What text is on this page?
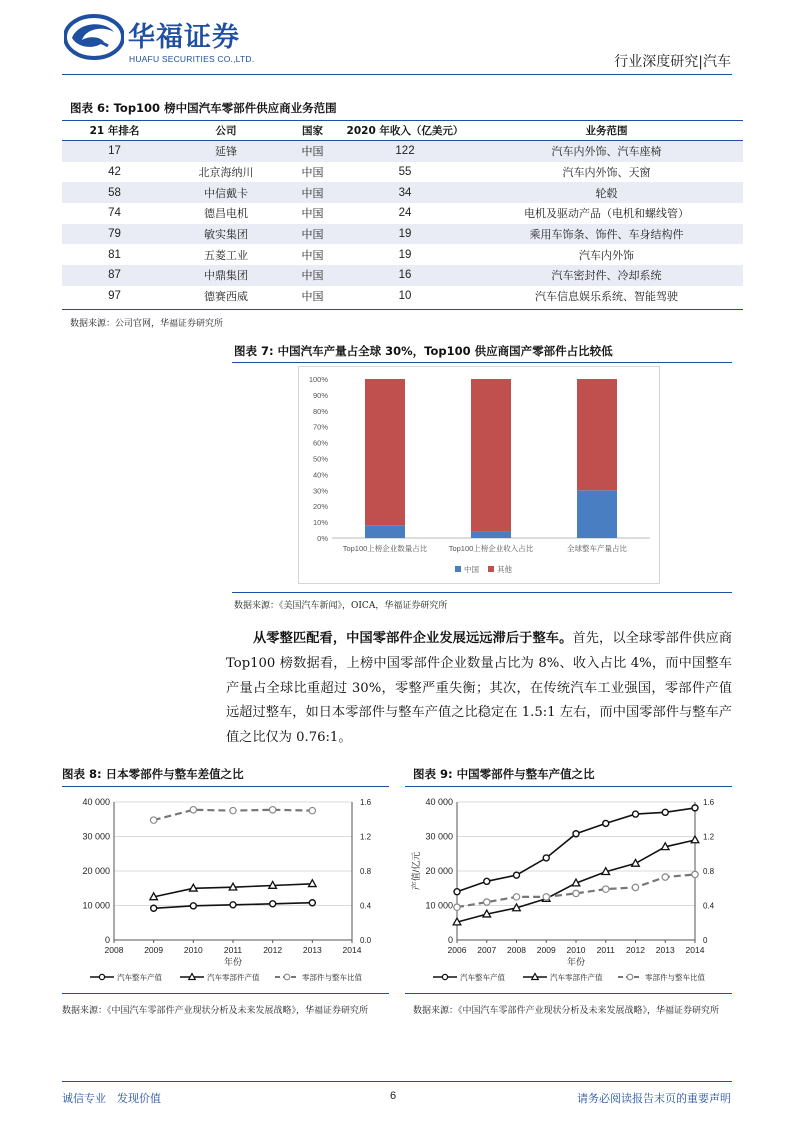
华福证券
HUAFU SECURITIES CO.,LTD.	行业深度研究|汽车
图表 6: Top100 榜中国汽车零部件供应商业务范围
21 年排名	公司	国家	2020 年收入（亿美元）	业务范围
17	延锋	中国	122	汽车内外饰、汽车座椅
42	北京海纳川	中国	55	汽车内外饰、天窗
58	中信戴卡	中国	34	轮毂
74	德昌电机	中国	24	电机及驱动产品（电机和螺线管）
79	敏实集团	中国	19	乘用车饰条、饰件、车身结构件
81	五菱工业	中国	19	汽车内外饰
87	中鼎集团	中国	16	汽车密封件、冷却系统
97	德赛西威	中国	10	汽车信息娱乐系统、智能驾驶
数据来源：公司官网，华福证券研究所
图表 7: 中国汽车产量占全球 30%，Top100 供应商国产零部件占比较低
0%
10%
20%
30%
40%
50%
60%
70%
80%
90%
100%
Top100上榜企业数量占比	Top100上榜企业收入占比	全球整车产量占比
中国 其他
数据来源：《美国汽车新闻》，OICA，华福证券研究所
从零整匹配看，中国零部件企业发展远远滞后于整车。首先，以全球零部件供应商 Top100 榜数据看，上榜中国零部件企业数量占比为 8%、收入占比 4%，而中国整车产量占全球比重超过 30%，零整严重失衡；其次，在传统汽车工业强国，零部件产值远超过整车，如日本零部件与整车产值之比稳定在 1.5:1 左右，而中国零部件与整车产值之比仅为 0.76:1。
图表 8: 日本零部件与整车差值之比
0
10 000
20 000
30 000
40 000
0.0
0.4
0.8
1.2
1.6
2008 2009 2010 2011 2012 2013 2014
年份
汽车整车产值	汽车零部件产值	零部件与整车比值
数据来源：《中国汽车零部件产业现状分析及未来发展战略》，华福证券研究所
图表 9: 中国零部件与整车产值之比
0
10 000
20 000
30 000
40 000
0
0.4
0.8
1.2
1.6
2006 2007 2008 2009 2010 2011 2012 2013 2014
年份
产值/亿元
汽车整车产值	汽车零部件产值	零部件与整车比值
数据来源：《中国汽车零部件产业现状分析及未来发展战略》，华福证券研究所
诚信专业　发现价值	6	请务必阅读报告末页的重要声明
